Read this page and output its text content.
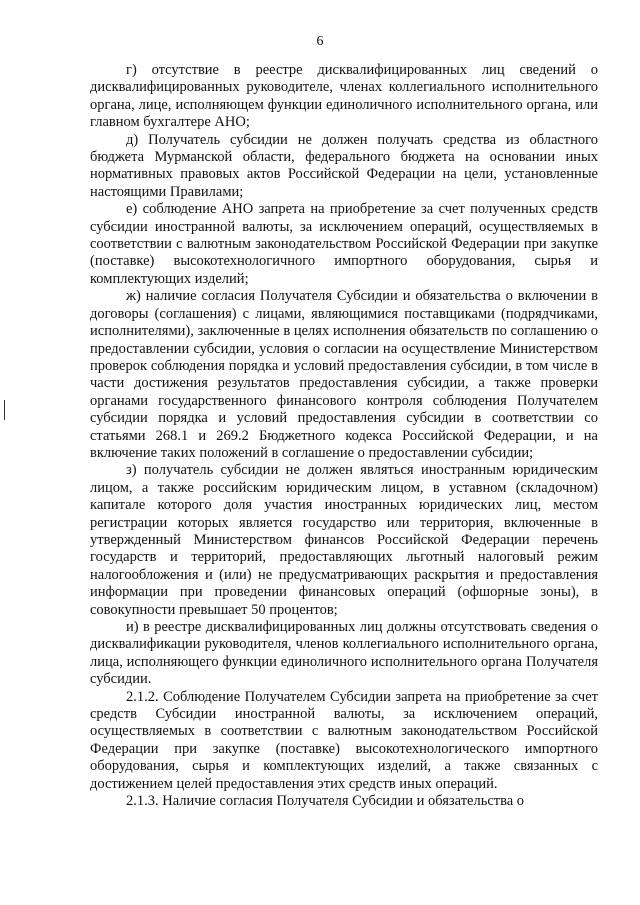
6

г) отсутствие в реестре дисквалифицированных лиц сведений о дисквалифицированных руководителе, членах коллегиального исполнительного органа, лице, исполняющем функции единоличного исполнительного органа, или главном бухгалтере АНО;

д) Получатель субсидии не должен получать средства из областного бюджета Мурманской области, федерального бюджета на основании иных нормативных правовых актов Российской Федерации на цели, установленные настоящими Правилами;

е) соблюдение АНО запрета на приобретение за счет полученных средств субсидии иностранной валюты, за исключением операций, осуществляемых в соответствии с валютным законодательством Российской Федерации при закупке (поставке) высокотехнологичного импортного оборудования, сырья и комплектующих изделий;

ж) наличие согласия Получателя Субсидии и обязательства о включении в договоры (соглашения) с лицами, являющимися поставщиками (подрядчиками, исполнителями), заключенные в целях исполнения обязательств по соглашению о предоставлении субсидии, условия о согласии на осуществление Министерством проверок соблюдения порядка и условий предоставления субсидии, в том числе в части достижения результатов предоставления субсидии, а также проверки органами государственного финансового контроля соблюдения Получателем субсидии порядка и условий предоставления субсидии в соответствии со статьями 268.1 и 269.2 Бюджетного кодекса Российской Федерации, и на включение таких положений в соглашение о предоставлении субсидии;

з) получатель субсидии не должен являться иностранным юридическим лицом, а также российским юридическим лицом, в уставном (складочном) капитале которого доля участия иностранных юридических лиц, местом регистрации которых является государство или территория, включенные в утвержденный Министерством финансов Российской Федерации перечень государств и территорий, предоставляющих льготный налоговый режим налогообложения и (или) не предусматривающих раскрытия и предоставления информации при проведении финансовых операций (офшорные зоны), в совокупности превышает 50 процентов;

и) в реестре дисквалифицированных лиц должны отсутствовать сведения о дисквалификации руководителя, членов коллегиального исполнительного органа, лица, исполняющего функции единоличного исполнительного органа Получателя субсидии.

2.1.2. Соблюдение Получателем Субсидии запрета на приобретение за счет средств Субсидии иностранной валюты, за исключением операций, осуществляемых в соответствии с валютным законодательством Российской Федерации при закупке (поставке) высокотехнологического импортного оборудования, сырья и комплектующих изделий, а также связанных с достижением целей предоставления этих средств иных операций.

2.1.3. Наличие согласия Получателя Субсидии и обязательства о
